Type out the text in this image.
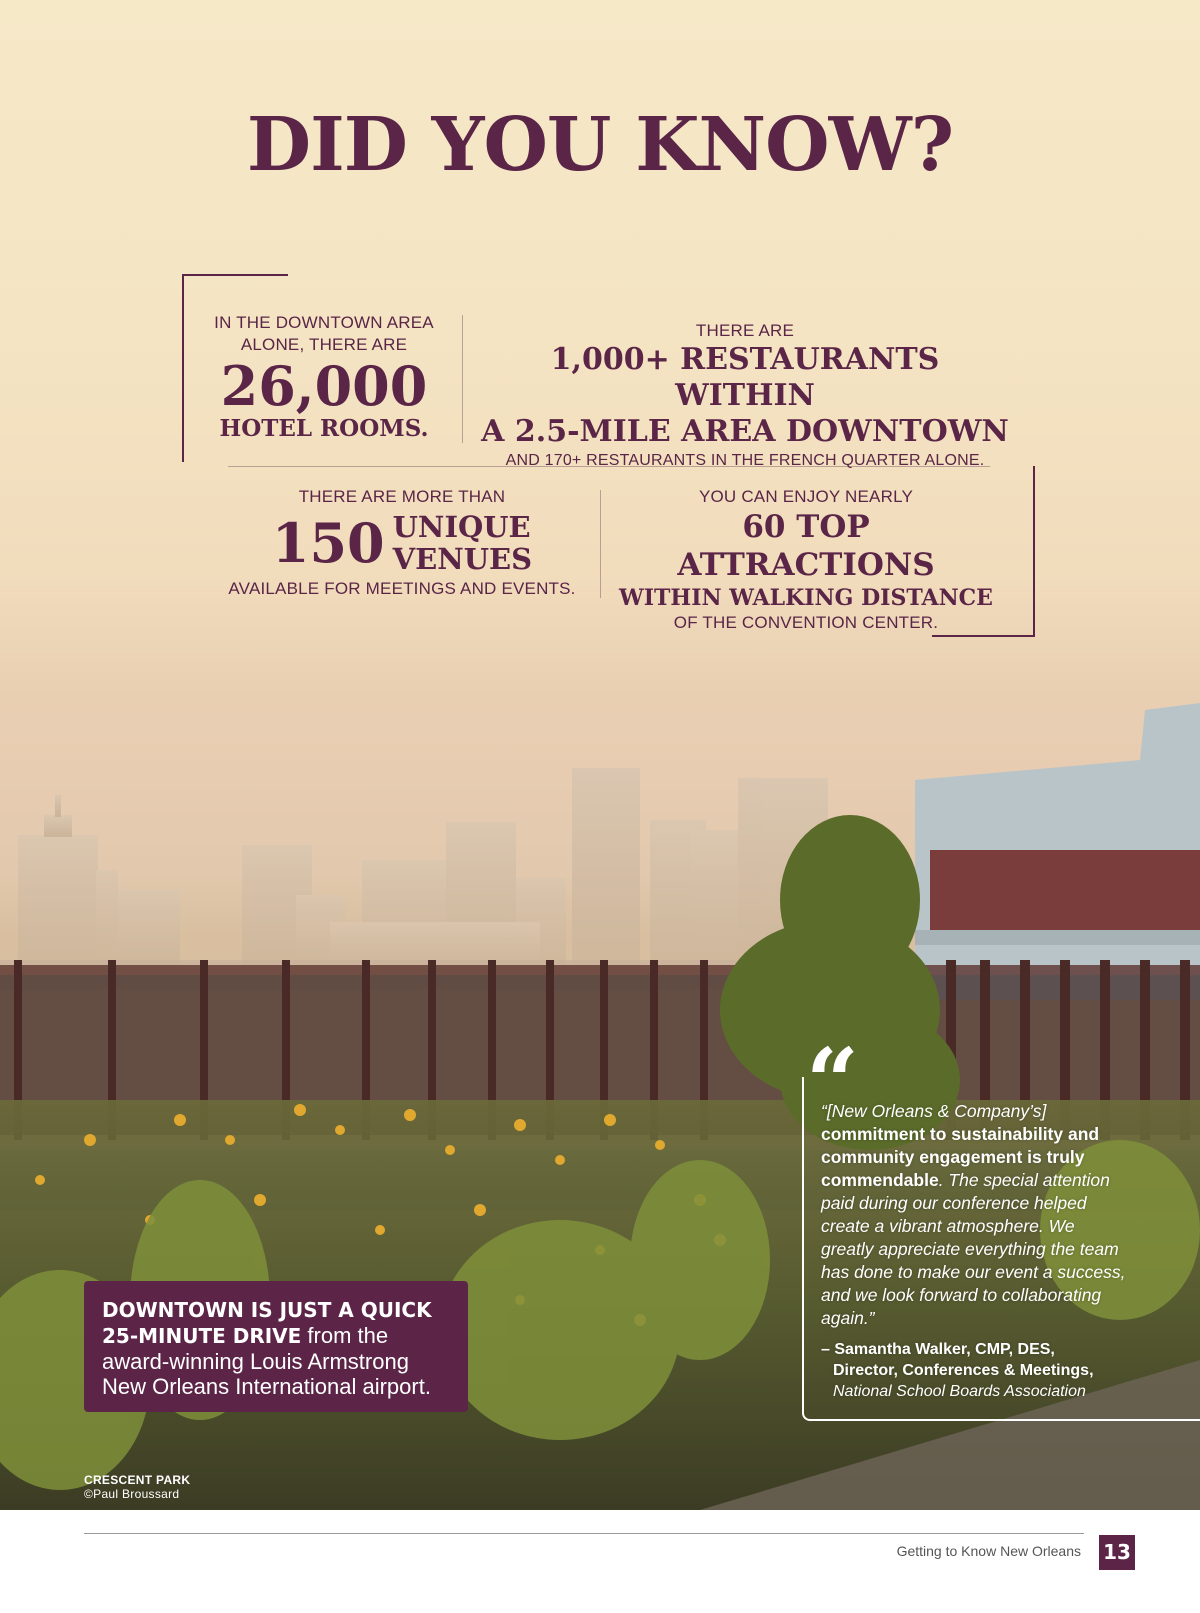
DID YOU KNOW?
IN THE DOWNTOWN AREA
ALONE, THERE ARE
26,000
HOTEL ROOMS.
THERE ARE
1,000+ RESTAURANTS WITHIN
A 2.5-MILE AREA DOWNTOWN
AND 170+ RESTAURANTS IN THE FRENCH QUARTER ALONE.
THERE ARE MORE THAN
150 UNIQUE
VENUES
AVAILABLE FOR MEETINGS AND EVENTS.
YOU CAN ENJOY NEARLY
60 TOP ATTRACTIONS
WITHIN WALKING DISTANCE
OF THE CONVENTION CENTER.
DOWNTOWN IS JUST A QUICK 25-MINUTE DRIVE from the award-winning Louis Armstrong New Orleans International airport.
“
“[New Orleans & Company’s] commitment to sustainability and community engagement is truly commendable. The special attention paid during our conference helped create a vibrant atmosphere. We greatly appreciate everything the team has done to make our event a success, and we look forward to collaborating again.”
– Samantha Walker, CMP, DES,
Director, Conferences & Meetings,
National School Boards Association
CRESCENT PARK
©Paul Broussard
Getting to Know New Orleans 13
